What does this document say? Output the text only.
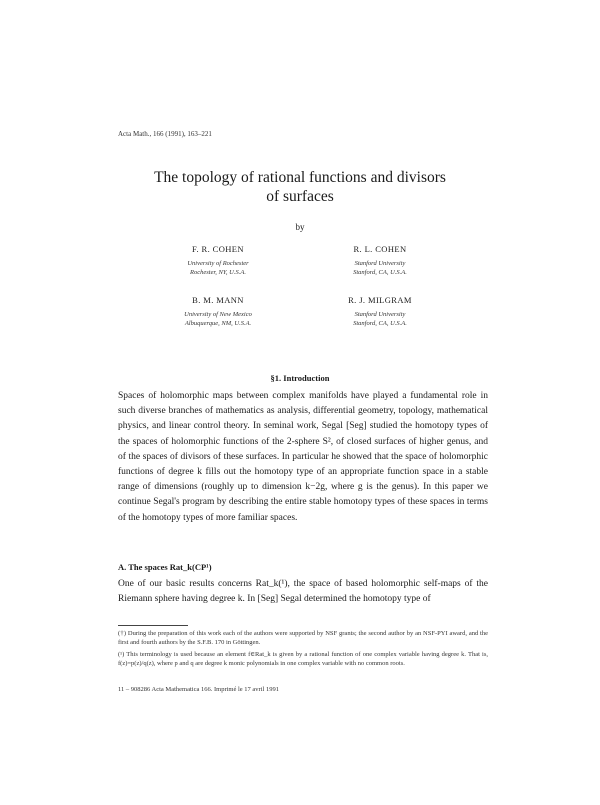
Acta Math., 166 (1991), 163–221
The topology of rational functions and divisors
of surfaces
by
F. R. COHEN
University of Rochester
Rochester, NY, U.S.A.
R. L. COHEN
Stanford University
Stanford, CA, U.S.A.
B. M. MANN
University of New Mexico
Albuquerque, NM, U.S.A.
R. J. MILGRAM
Stanford University
Stanford, CA, U.S.A.
§1. Introduction
Spaces of holomorphic maps between complex manifolds have played a fundamental role in such diverse branches of mathematics as analysis, differential geometry, topology, mathematical physics, and linear control theory. In seminal work, Segal [Seg] studied the homotopy types of the spaces of holomorphic functions of the 2-sphere S², of closed surfaces of higher genus, and of the spaces of divisors of these surfaces. In particular he showed that the space of holomorphic functions of degree k fills out the homotopy type of an appropriate function space in a stable range of dimensions (roughly up to dimension k−2g, where g is the genus). In this paper we continue Segal's program by describing the entire stable homotopy types of these spaces in terms of the homotopy types of more familiar spaces.
A. The spaces Rat_k(CP¹)
One of our basic results concerns Rat_k(¹), the space of based holomorphic self-maps of the Riemann sphere having degree k. In [Seg] Segal determined the homotopy type of
(†) During the preparation of this work each of the authors were supported by NSF grants; the second author by an NSF-PYI award, and the first and fourth authors by the S.F.B. 170 in Göttingen.
(¹) This terminology is used because an element f∈Rat_k is given by a rational function of one complex variable having degree k. That is, f(z)=p(z)/q(z), where p and q are degree k monic polynomials in one complex variable with no common roots.
11 – 908286 Acta Mathematica 166. Imprimé le 17 avril 1991
